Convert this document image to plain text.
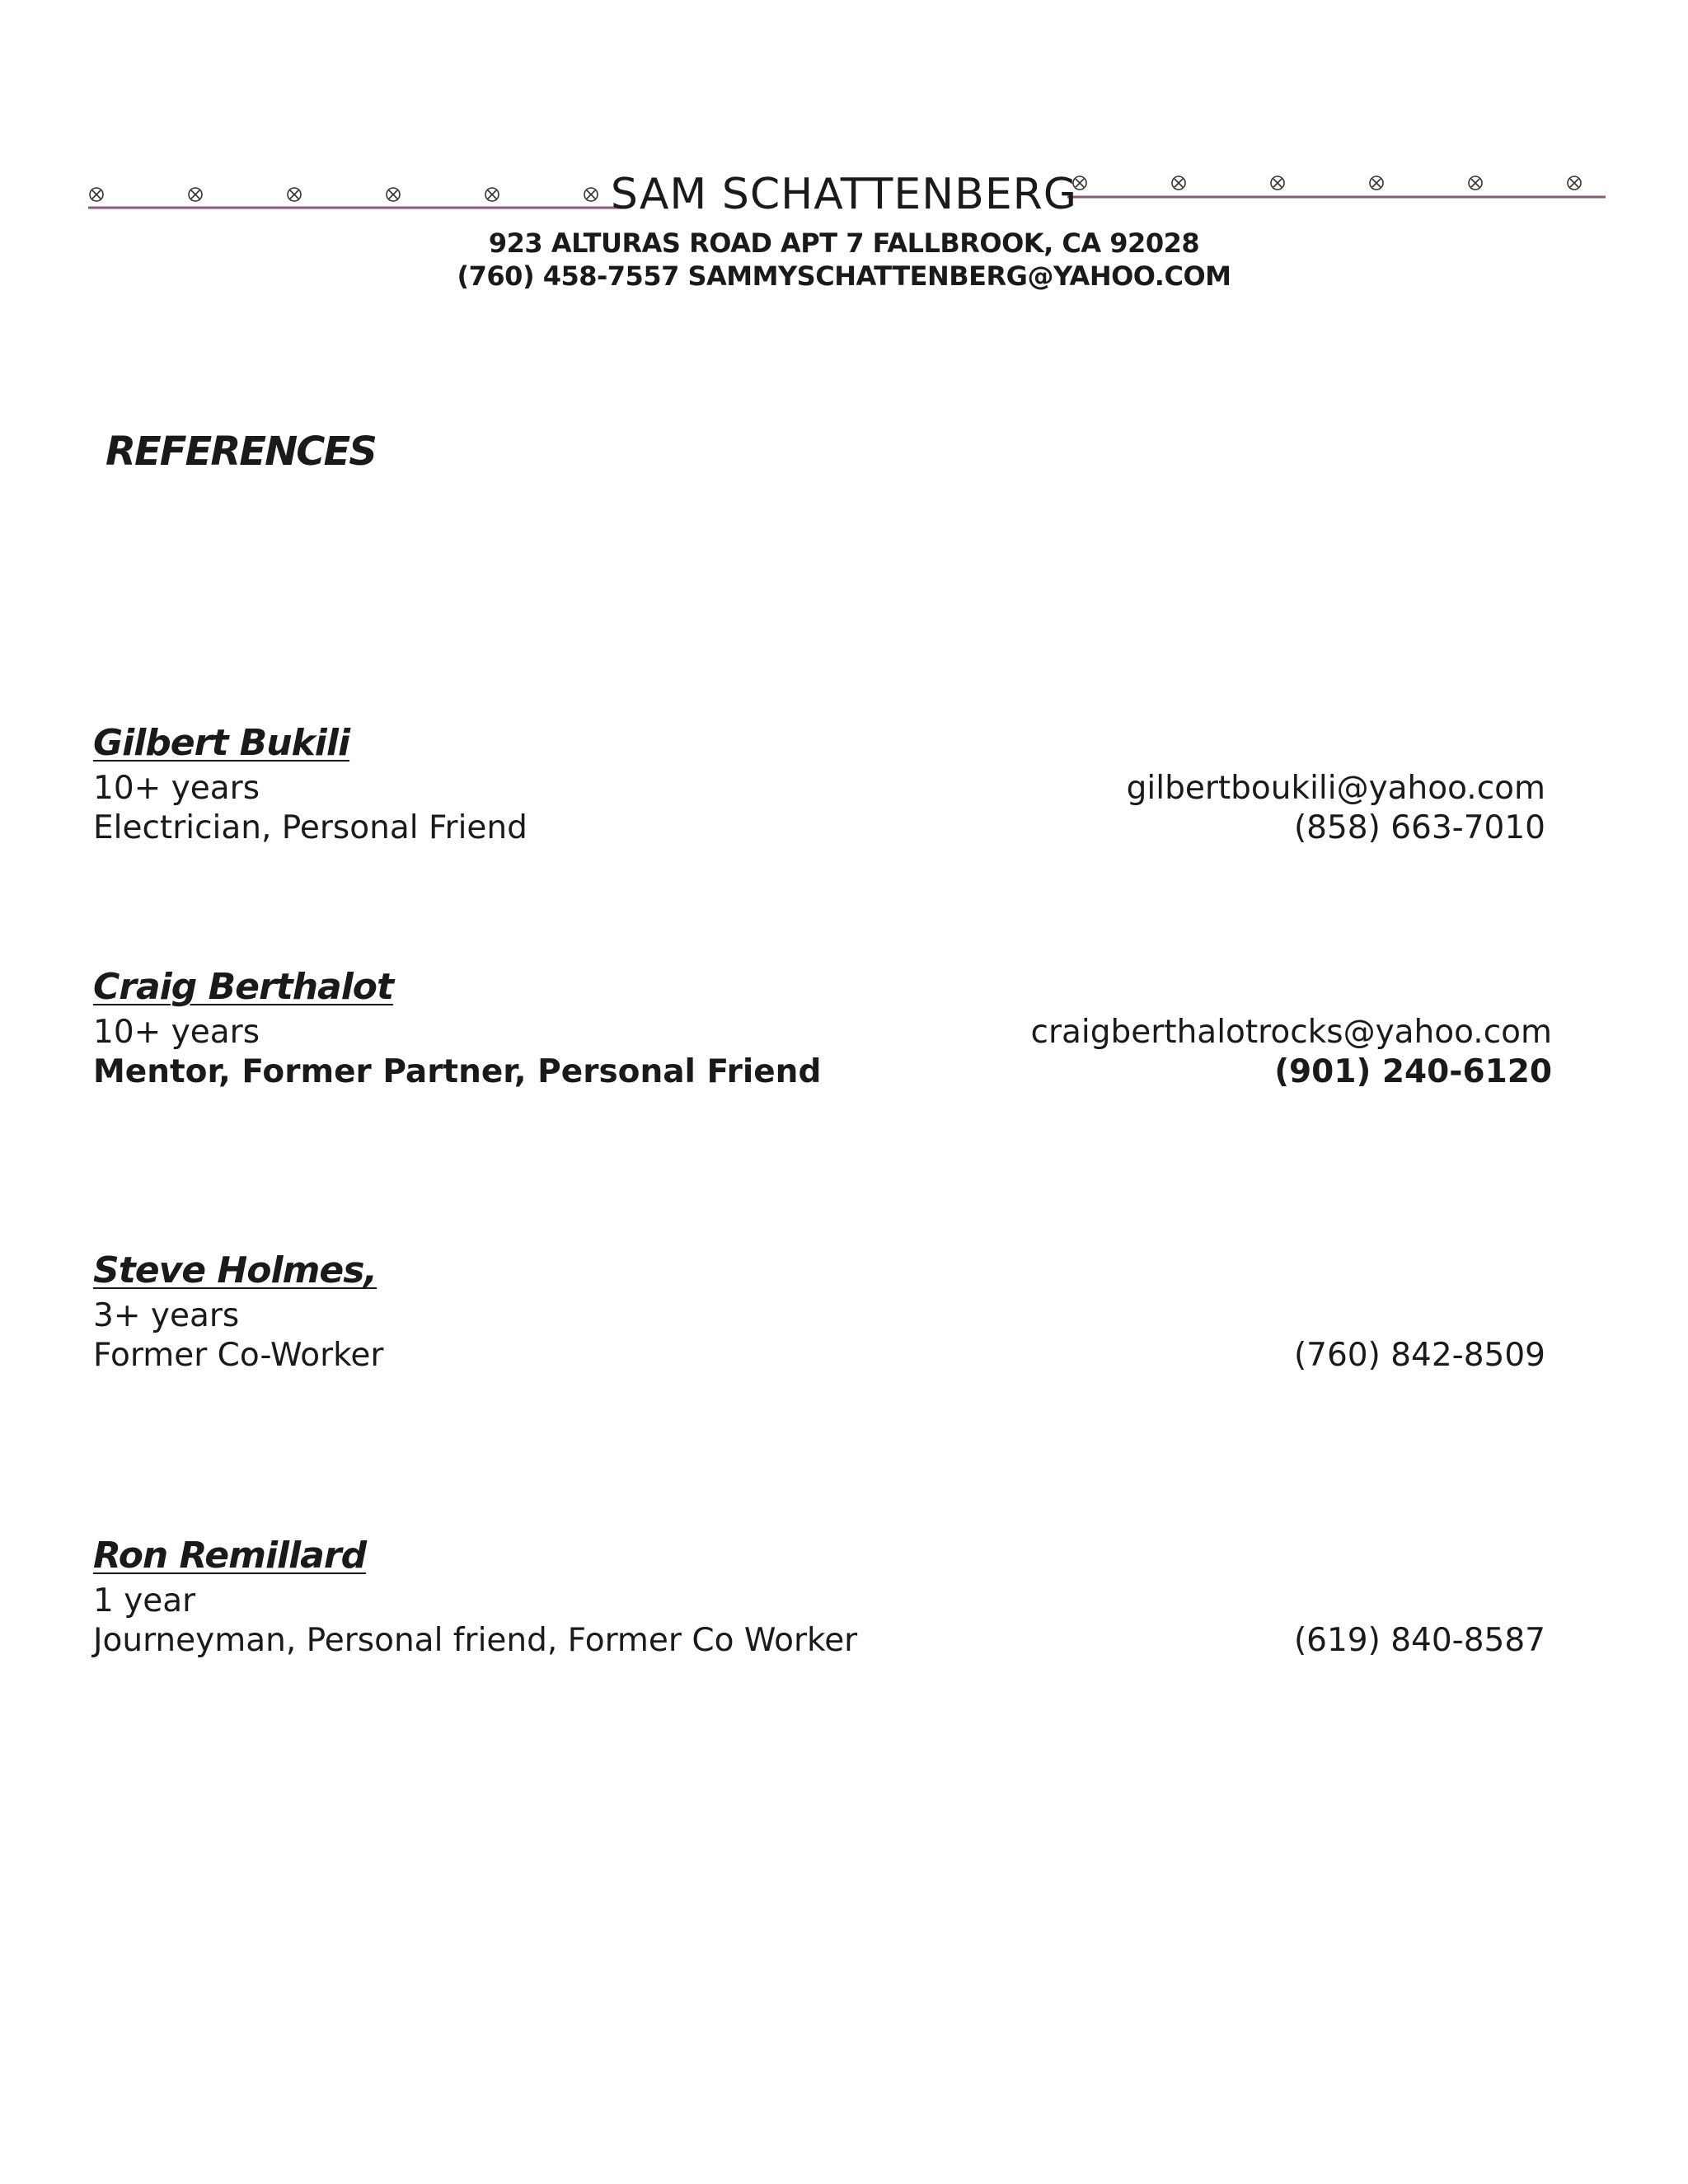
SAM SCHATTENBERG
923 ALTURAS ROAD APT 7 FALLBROOK, CA 92028
(760) 458-7557 SAMMYSCHATTENBERG@YAHOO.COM
REFERENCES
Gilbert Bukili
10+ years
Electrician, Personal Friend
gilbertboukili@yahoo.com
(858) 663-7010
Craig Berthalot
10+ years
Mentor, Former Partner, Personal Friend
craigberthalotrocks@yahoo.com
(901) 240-6120
Steve Holmes,
3+ years
Former Co-Worker	(760) 842-8509
Ron Remillard
1 year
Journeyman, Personal friend, Former Co Worker	(619) 840-8587
